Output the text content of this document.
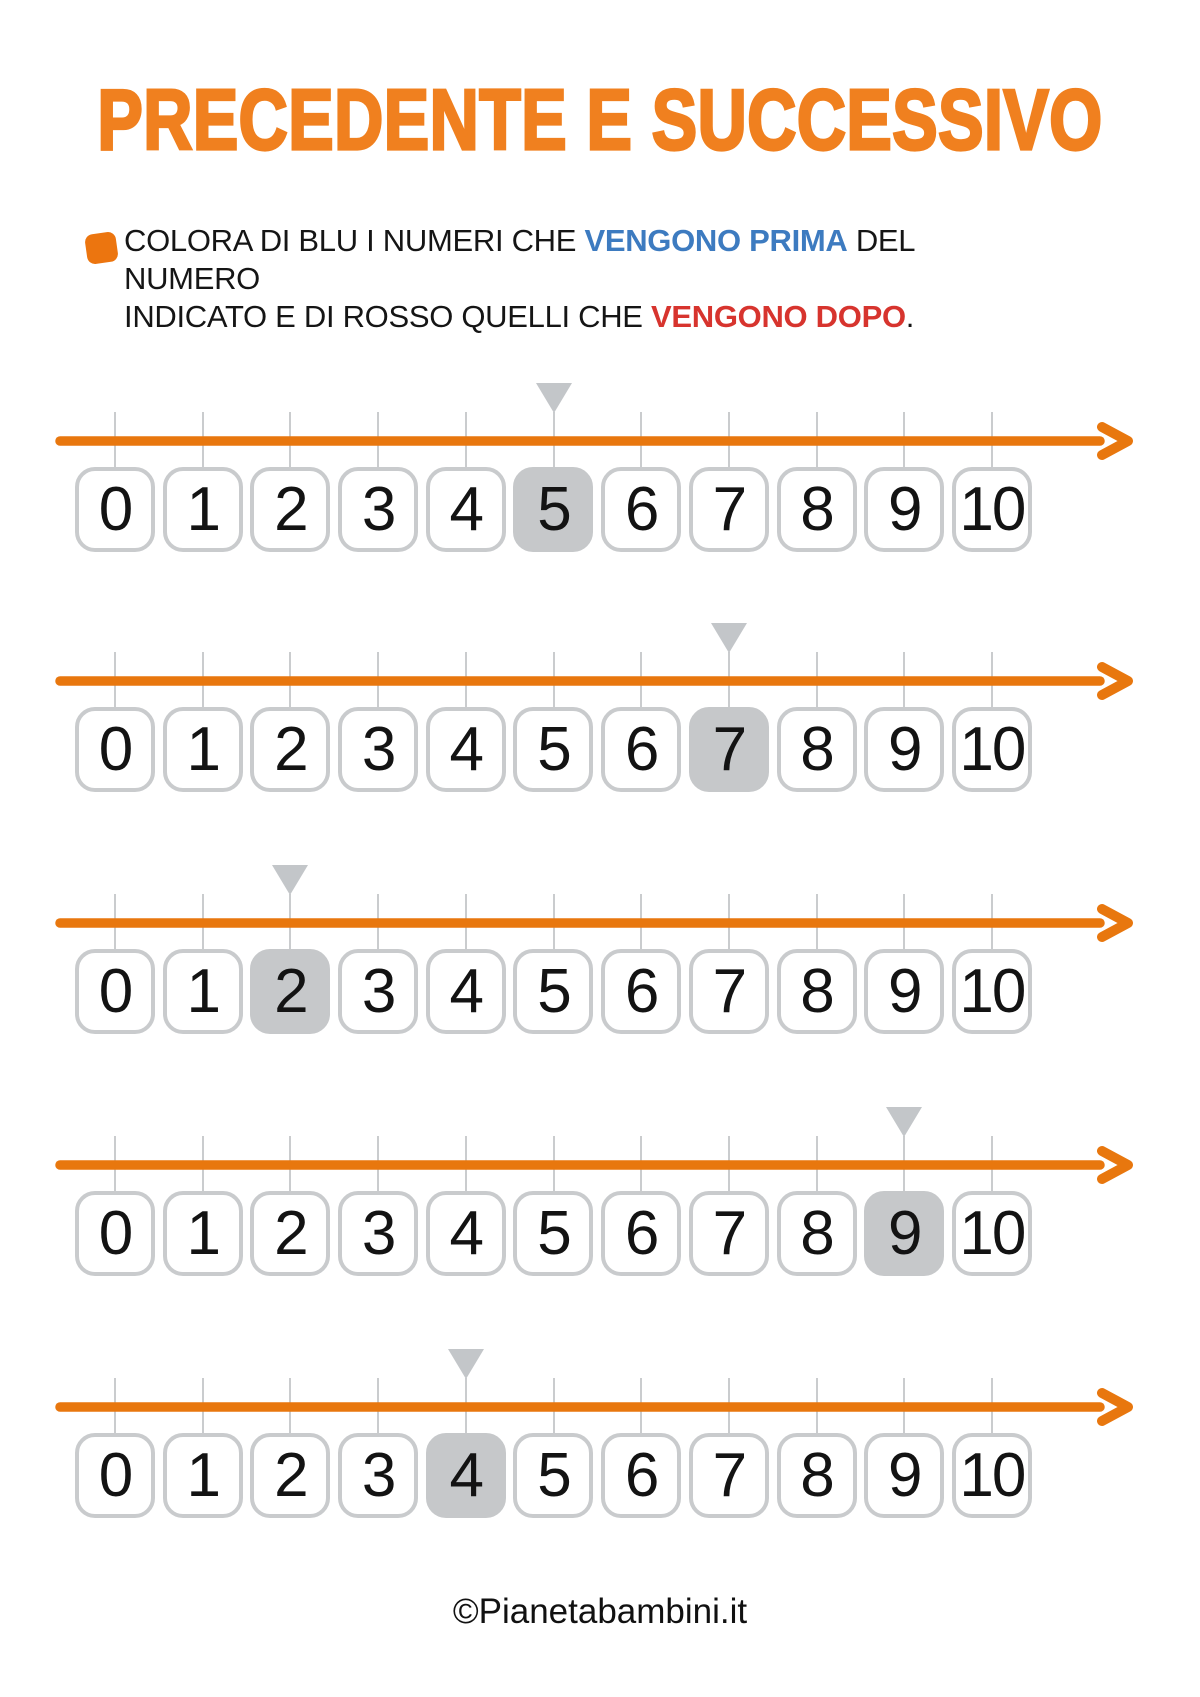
PRECEDENTE E SUCCESSIVO
COLORA DI BLU I NUMERI CHE VENGONO PRIMA DEL NUMERO
INDICATO E DI ROSSO QUELLI CHE VENGONO DOPO.
0 1 2 3 4 5 6 7 8 9 10
0 1 2 3 4 5 6 7 8 9 10
0 1 2 3 4 5 6 7 8 9 10
0 1 2 3 4 5 6 7 8 9 10
0 1 2 3 4 5 6 7 8 9 10
©Pianetabambini.it
